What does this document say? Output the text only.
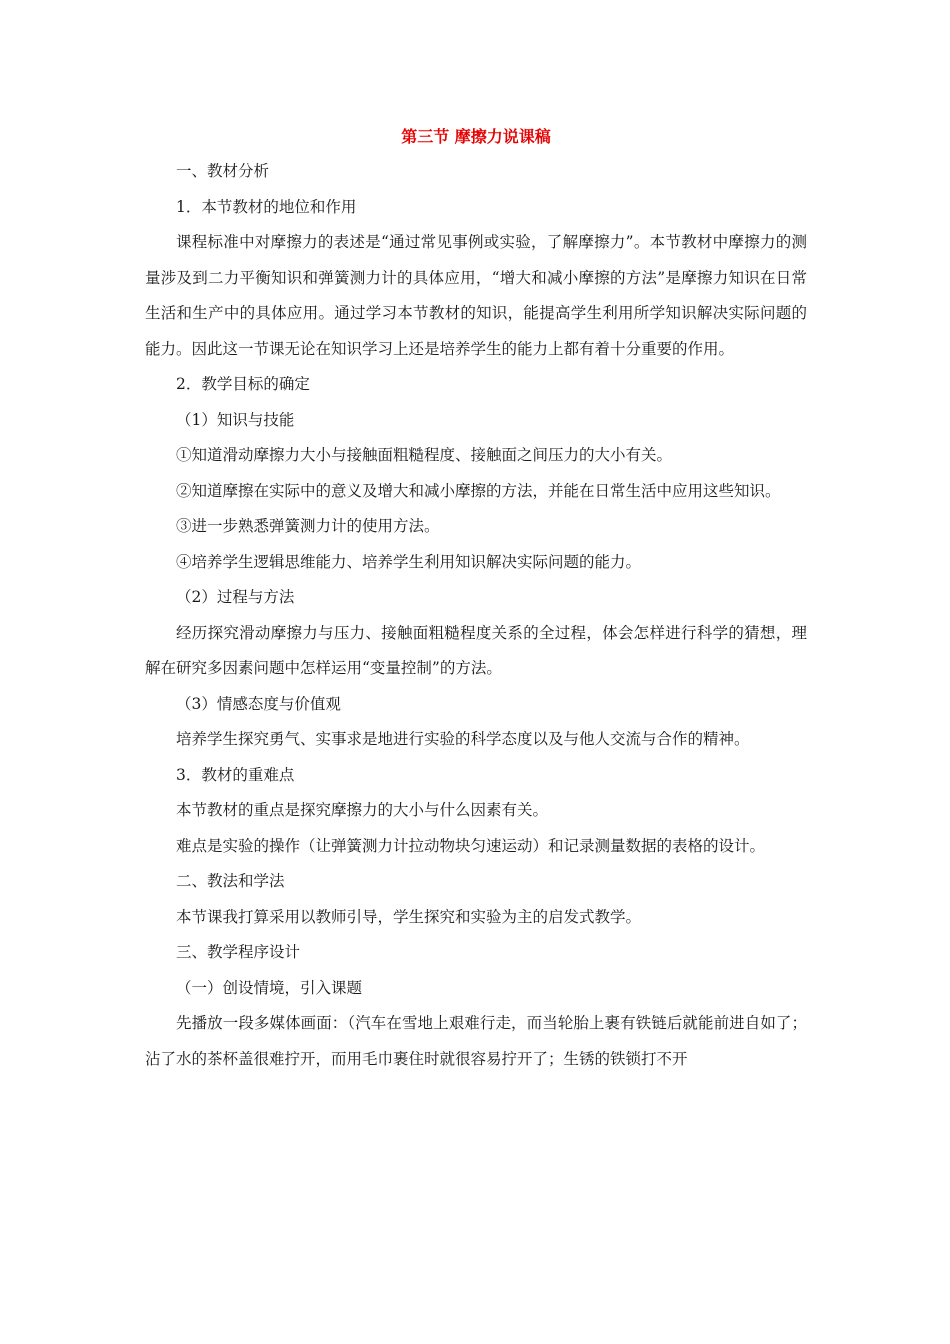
第三节 摩擦力说课稿

一、教材分析

1．本节教材的地位和作用

课程标准中对摩擦力的表述是“通过常见事例或实验，了解摩擦力”。本节教材中摩擦力的测量涉及到二力平衡知识和弹簧测力计的具体应用，“增大和减小摩擦的方法”是摩擦力知识在日常生活和生产中的具体应用。通过学习本节教材的知识，能提高学生利用所学知识解决实际问题的能力。因此这一节课无论在知识学习上还是培养学生的能力上都有着十分重要的作用。

2．教学目标的确定

（1）知识与技能

①知道滑动摩擦力大小与接触面粗糙程度、接触面之间压力的大小有关。

②知道摩擦在实际中的意义及增大和减小摩擦的方法，并能在日常生活中应用这些知识。

③进一步熟悉弹簧测力计的使用方法。

④培养学生逻辑思维能力、培养学生利用知识解决实际问题的能力。

（2）过程与方法

经历探究滑动摩擦力与压力、接触面粗糙程度关系的全过程，体会怎样进行科学的猜想，理解在研究多因素问题中怎样运用“变量控制”的方法。

（3）情感态度与价值观

培养学生探究勇气、实事求是地进行实验的科学态度以及与他人交流与合作的精神。

3．教材的重难点

本节教材的重点是探究摩擦力的大小与什么因素有关。

难点是实验的操作（让弹簧测力计拉动物块匀速运动）和记录测量数据的表格的设计。

二、教法和学法

本节课我打算采用以教师引导，学生探究和实验为主的启发式教学。

三、教学程序设计

（一）创设情境，引入课题

先播放一段多媒体画面：（汽车在雪地上艰难行走，而当轮胎上裹有铁链后就能前进自如了；沾了水的茶杯盖很难拧开，而用毛巾裹住时就很容易拧开了；生锈的铁锁打不开
